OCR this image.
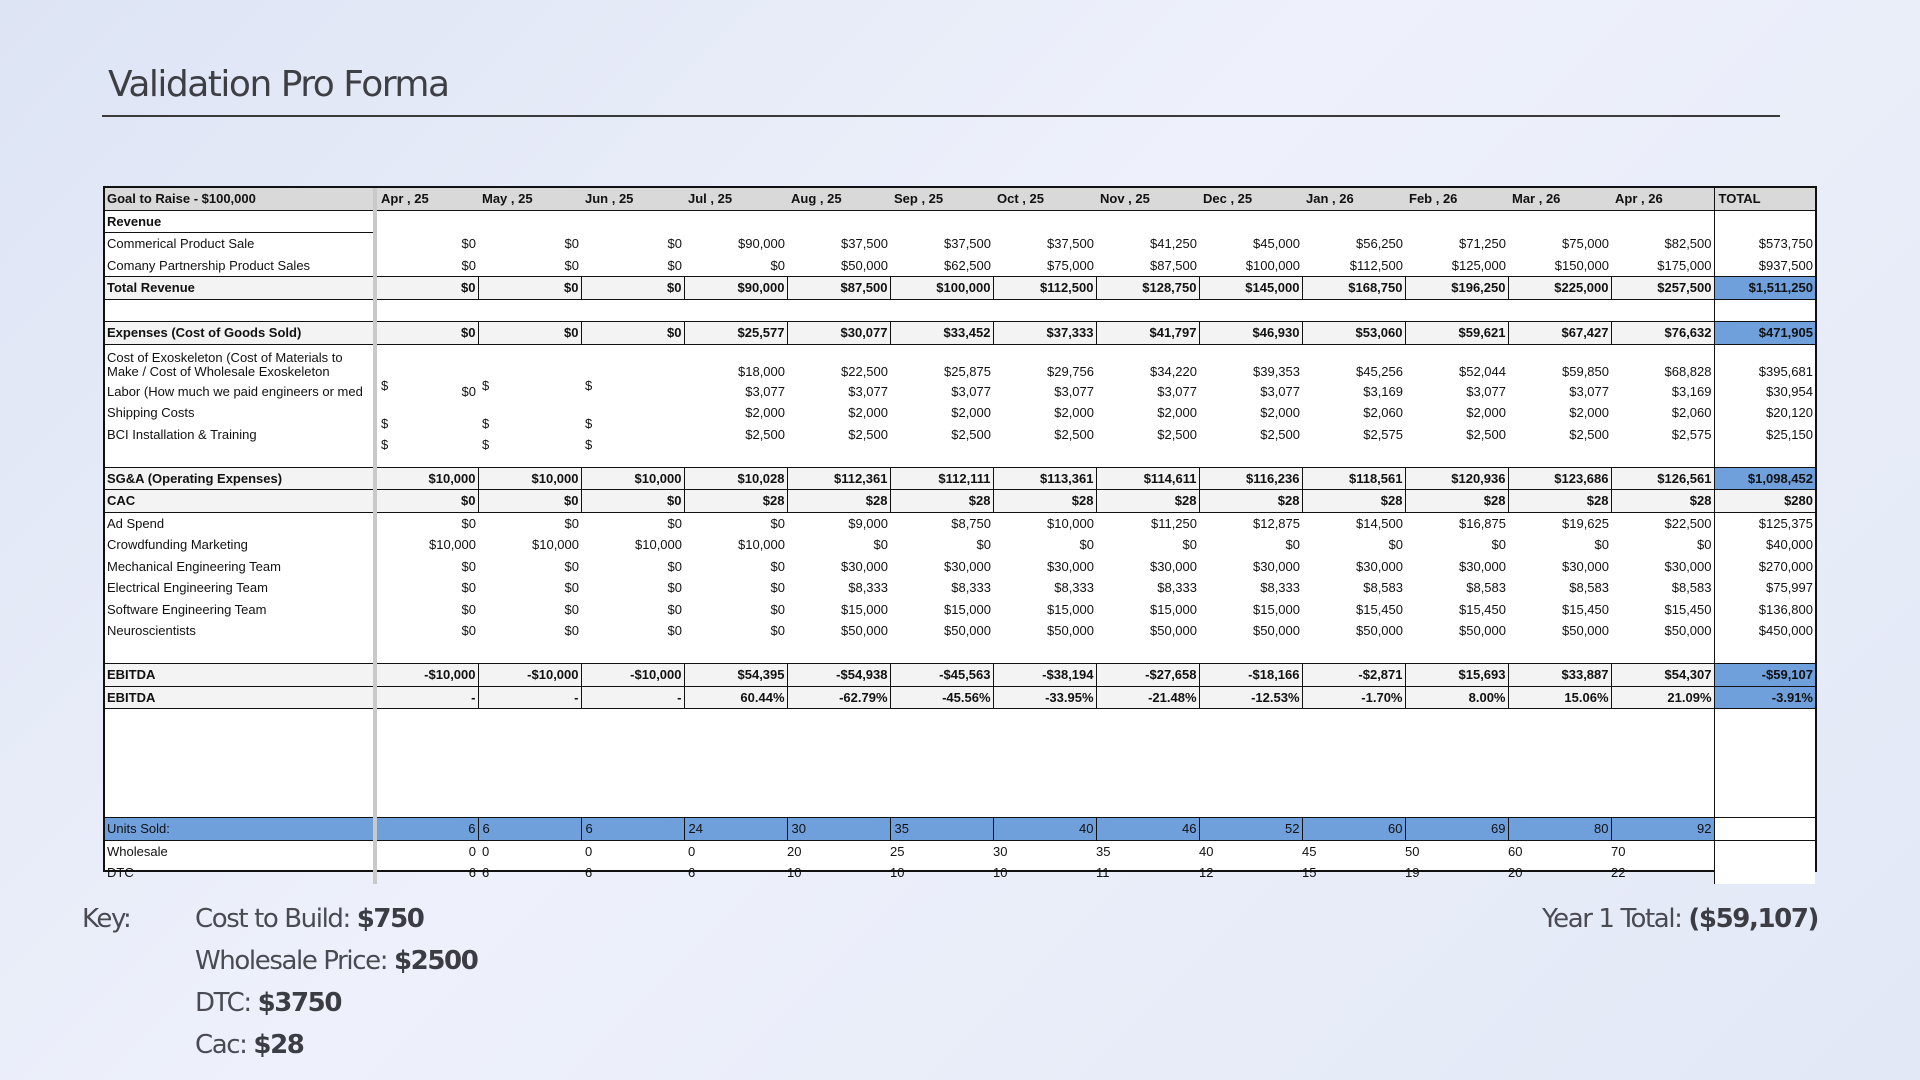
Validation Pro Forma
Goal to Raise - $100,000	Apr , 25	May , 25	Jun , 25	Jul , 25	Aug , 25	Sep , 25	Oct , 25	Nov , 25	Dec , 25	Jan , 26	Feb , 26	Mar , 26	Apr , 26	TOTAL
Revenue														
Commerical Product Sale	$0	$0	$0	$90,000	$37,500	$37,500	$37,500	$41,250	$45,000	$56,250	$71,250	$75,000	$82,500	$573,750
Comany Partnership Product Sales	$0	$0	$0	$0	$50,000	$62,500	$75,000	$87,500	$100,000	$112,500	$125,000	$150,000	$175,000	$937,500
Total Revenue	$0	$0	$0	$90,000	$87,500	$100,000	$112,500	$128,750	$145,000	$168,750	$196,250	$225,000	$257,500	$1,511,250

Expenses (Cost of Goods Sold)	$0	$0	$0	$25,577	$30,077	$33,452	$37,333	$41,797	$46,930	$53,060	$59,621	$67,427	$76,632	$471,905
Cost of Exoskeleton (Cost of Materials to Make / Cost of Wholesale Exoskeleton	$	$	$	$18,000	$22,500	$25,875	$29,756	$34,220	$39,353	$45,256	$52,044	$59,850	$68,828	$395,681
Labor (How much we paid engineers or med	$0			$3,077	$3,077	$3,077	$3,077	$3,077	$3,077	$3,169	$3,077	$3,077	$3,169	$30,954
Shipping Costs	$	$	$	$2,000	$2,000	$2,000	$2,000	$2,000	$2,000	$2,060	$2,000	$2,000	$2,060	$20,120
BCI Installation & Training	$	$	$	$2,500	$2,500	$2,500	$2,500	$2,500	$2,500	$2,575	$2,500	$2,500	$2,575	$25,150

SG&A (Operating Expenses)	$10,000	$10,000	$10,000	$10,028	$112,361	$112,111	$113,361	$114,611	$116,236	$118,561	$120,936	$123,686	$126,561	$1,098,452
CAC	$0	$0	$0	$28	$28	$28	$28	$28	$28	$28	$28	$28	$28	$280
Ad Spend	$0	$0	$0	$0	$9,000	$8,750	$10,000	$11,250	$12,875	$14,500	$16,875	$19,625	$22,500	$125,375
Crowdfunding Marketing	$10,000	$10,000	$10,000	$10,000	$0	$0	$0	$0	$0	$0	$0	$0	$0	$40,000
Mechanical Engineering Team	$0	$0	$0	$0	$30,000	$30,000	$30,000	$30,000	$30,000	$30,000	$30,000	$30,000	$30,000	$270,000
Electrical Engineering Team	$0	$0	$0	$0	$8,333	$8,333	$8,333	$8,333	$8,333	$8,583	$8,583	$8,583	$8,583	$75,997
Software Engineering Team	$0	$0	$0	$0	$15,000	$15,000	$15,000	$15,000	$15,000	$15,450	$15,450	$15,450	$15,450	$136,800
Neuroscientists	$0	$0	$0	$0	$50,000	$50,000	$50,000	$50,000	$50,000	$50,000	$50,000	$50,000	$50,000	$450,000

EBITDA	-$10,000	-$10,000	-$10,000	$54,395	-$54,938	-$45,563	-$38,194	-$27,658	-$18,166	-$2,871	$15,693	$33,887	$54,307	-$59,107
EBITDA	-	-	-	60.44%	-62.79%	-45.56%	-33.95%	-21.48%	-12.53%	-1.70%	8.00%	15.06%	21.09%	-3.91%

Units Sold:	6	6	6	24	30	35	40	46	52	60	69	80	92	
Wholesale	0	0	0	0	20	25	30	35	40	45	50	60	70	
DTC	6	6	6	6	10	10	10	11	12	15	19	20	22	
Key: Cost to Build: $750
Wholesale Price: $2500
DTC: $3750
Cac: $28
Year 1 Total: ($59,107)
